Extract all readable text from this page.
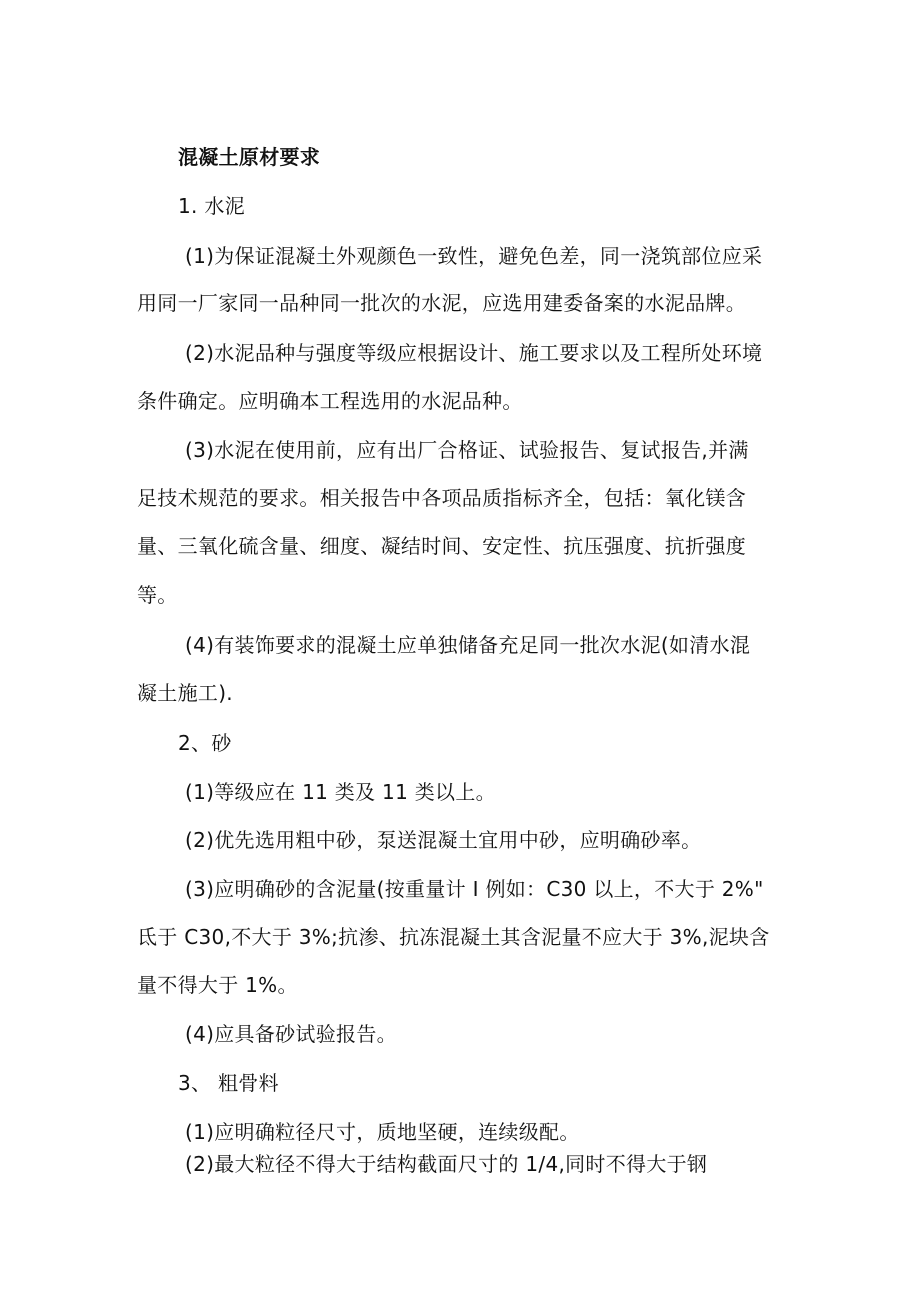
混凝土原材要求
1. 水泥
(1)为保证混凝土外观颜色一致性，避免色差，同一浇筑部位应采
用同一厂家同一品种同一批次的水泥，应选用建委备案的水泥品牌。
(2)水泥品种与强度等级应根据设计、施工要求以及工程所处环境
条件确定。应明确本工程选用的水泥品种。
(3)水泥在使用前，应有出厂合格证、试验报告、复试报告,并满
足技术规范的要求。相关报告中各项品质指标齐全，包括：氧化镁含
量、三氧化硫含量、细度、凝结时间、安定性、抗压强度、抗折强度
等。
(4)有装饰要求的混凝土应单独储备充足同一批次水泥(如清水混
凝土施工).
2、砂
(1)等级应在 11 类及 11 类以上。
(2)优先选用粗中砂，泵送混凝土宜用中砂，应明确砂率。
(3)应明确砂的含泥量(按重量计 I 例如：C30 以上，不大于 2%"
氐于 C30,不大于 3%;抗渗、抗冻混凝土其含泥量不应大于 3%,泥块含
量不得大于 1%。
(4)应具备砂试验报告。
3、 粗骨料
(1)应明确粒径尺寸，质地坚硬，连续级配。
(2)最大粒径不得大于结构截面尺寸的 1/4,同时不得大于钢
